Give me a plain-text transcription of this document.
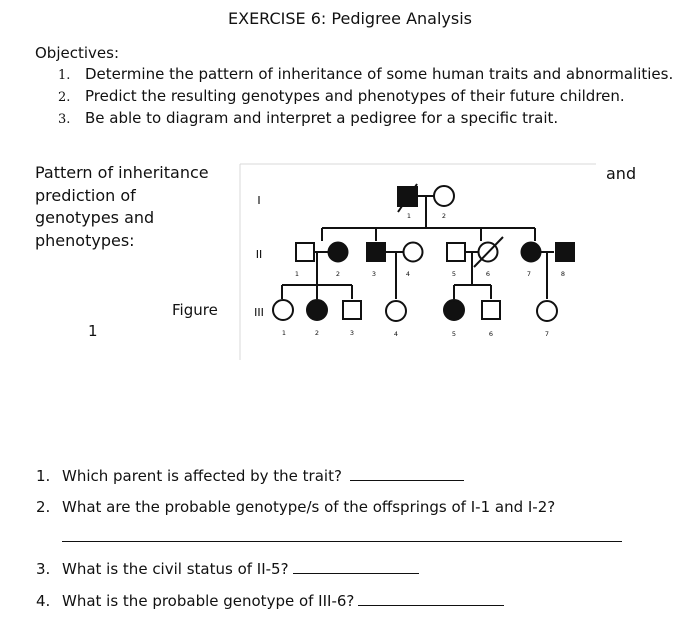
EXERCISE 6: Pedigree Analysis
Objectives:
1. Determine the pattern of inheritance of some human traits and abnormalities.
2. Predict the resulting genotypes and phenotypes of their future children.
3. Be able to diagram and interpret a pedigree for a specific trait.
Pattern of inheritance
prediction of
genotypes and
phenotypes:
and
Figure
1
I
II
III
1	2
1	2	3	4	5	6	7	8
1	2	3	4	5	6	7
1. Which parent is affected by the trait?
2. What are the probable genotype/s of the offsprings of I-1 and I-2?
3. What is the civil status of II-5?
4. What is the probable genotype of III-6?
